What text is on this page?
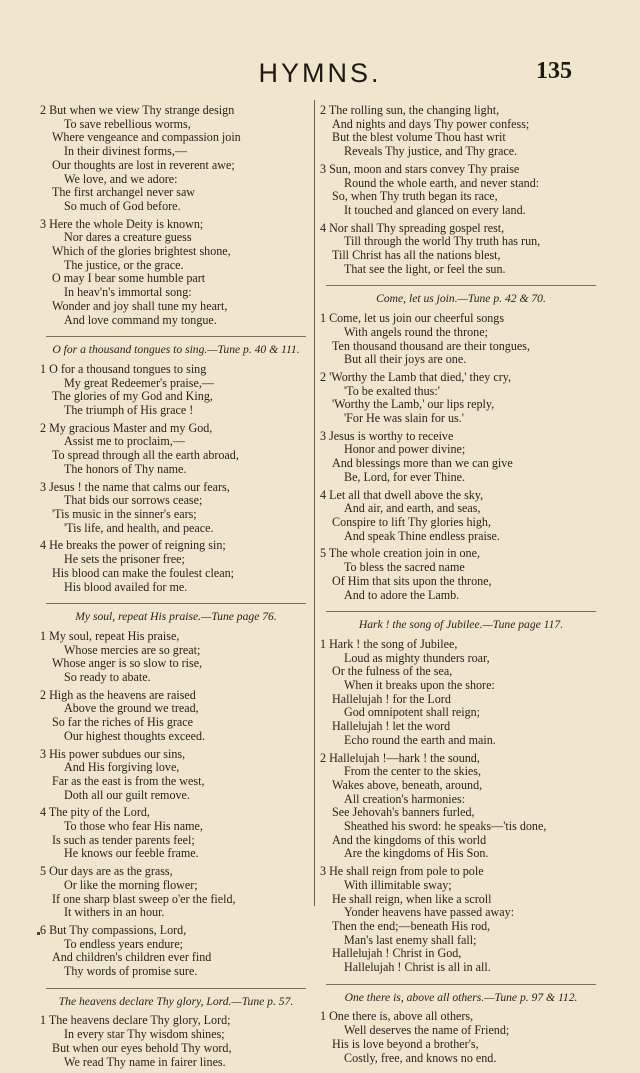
HYMNS.	135
2 But when we view Thy strange design
To save rebellious worms,
Where vengeance and compassion join
In their divinest forms,—
Our thoughts are lost in reverent awe;
We love, and we adore:
The first archangel never saw
So much of God before.
3 Here the whole Deity is known;
Nor dares a creature guess
Which of the glories brightest shone,
The justice, or the grace.
O may I bear some humble part
In heav'n's immortal song:
Wonder and joy shall tune my heart,
And love command my tongue.
O for a thousand tongues to sing.—Tune p. 40 & 111.
1 O for a thousand tongues to sing
My great Redeemer's praise,—
The glories of my God and King,
The triumph of His grace !
2 My gracious Master and my God,
Assist me to proclaim,—
To spread through all the earth abroad,
The honors of Thy name.
3 Jesus ! the name that calms our fears,
That bids our sorrows cease;
'Tis music in the sinner's ears;
'Tis life, and health, and peace.
4 He breaks the power of reigning sin;
He sets the prisoner free;
His blood can make the foulest clean;
His blood availed for me.
My soul, repeat His praise.—Tune page 76.
1 My soul, repeat His praise,
Whose mercies are so great;
Whose anger is so slow to rise,
So ready to abate.
2 High as the heavens are raised
Above the ground we tread,
So far the riches of His grace
Our highest thoughts exceed.
3 His power subdues our sins,
And His forgiving love,
Far as the east is from the west,
Doth all our guilt remove.
4 The pity of the Lord,
To those who fear His name,
Is such as tender parents feel;
He knows our feeble frame.
5 Our days are as the grass,
Or like the morning flower;
If one sharp blast sweep o'er the field,
It withers in an hour.
6 But Thy compassions, Lord,
To endless years endure;
And children's children ever find
Thy words of promise sure.
The heavens declare Thy glory, Lord.—Tune p. 57.
1 The heavens declare Thy glory, Lord;
In every star Thy wisdom shines;
But when our eyes behold Thy word,
We read Thy name in fairer lines.
2 The rolling sun, the changing light,
And nights and days Thy power confess;
But the blest volume Thou hast writ
Reveals Thy justice, and Thy grace.
3 Sun, moon and stars convey Thy praise
Round the whole earth, and never stand:
So, when Thy truth began its race,
It touched and glanced on every land.
4 Nor shall Thy spreading gospel rest,
Till through the world Thy truth has run,
Till Christ has all the nations blest,
That see the light, or feel the sun.
Come, let us join.—Tune p. 42 & 70.
1 Come, let us join our cheerful songs
With angels round the throne;
Ten thousand thousand are their tongues,
But all their joys are one.
2 'Worthy the Lamb that died,' they cry,
'To be exalted thus:'
'Worthy the Lamb,' our lips reply,
'For He was slain for us.'
3 Jesus is worthy to receive
Honor and power divine;
And blessings more than we can give
Be, Lord, for ever Thine.
4 Let all that dwell above the sky,
And air, and earth, and seas,
Conspire to lift Thy glories high,
And speak Thine endless praise.
5 The whole creation join in one,
To bless the sacred name
Of Him that sits upon the throne,
And to adore the Lamb.
Hark ! the song of Jubilee.—Tune page 117.
1 Hark ! the song of Jubilee,
Loud as mighty thunders roar,
Or the fulness of the sea,
When it breaks upon the shore:
Hallelujah ! for the Lord
God omnipotent shall reign;
Hallelujah ! let the word
Echo round the earth and main.
2 Hallelujah !—hark ! the sound,
From the center to the skies,
Wakes above, beneath, around,
All creation's harmonies:
See Jehovah's banners furled,
Sheathed his sword: he speaks—'tis done,
And the kingdoms of this world
Are the kingdoms of His Son.
3 He shall reign from pole to pole
With illimitable sway;
He shall reign, when like a scroll
Yonder heavens have passed away:
Then the end;—beneath His rod,
Man's last enemy shall fall;
Hallelujah ! Christ in God,
Hallelujah ! Christ is all in all.
One there is, above all others.—Tune p. 97 & 112.
1 One there is, above all others,
Well deserves the name of Friend;
His is love beyond a brother's,
Costly, free, and knows no end.
